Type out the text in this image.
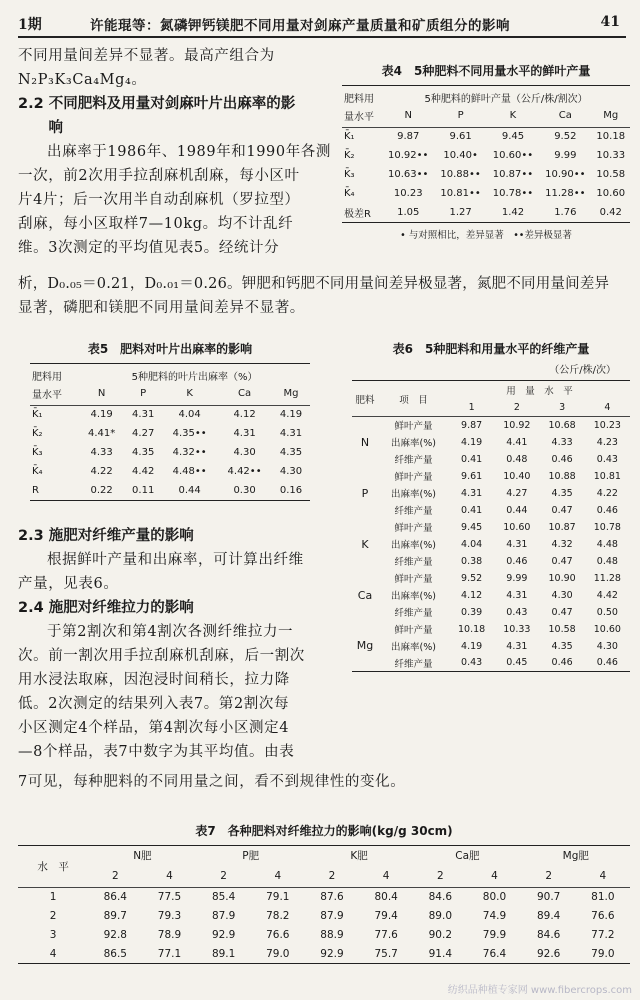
1期	许能琨等：氮磷钾钙镁肥不同用量对剑麻产量质量和矿质组分的影响	41

不同用量间差异不显著。最高产组合为

N₂P₃K₃Ca₄Mg₄。

2.2 不同肥料及用量对剑麻叶片出麻率的影

响

出麻率于1986年、1989年和1990年各测

一次，前2次用手拉刮麻机刮麻，每小区叶

片4片；后一次用半自动刮麻机（罗拉型）

刮麻，每小区取样7—10kg。均不计乱纤

维。3次测定的平均值见表5。经统计分

析，D₀.₀₅＝0.21，D₀.₀₁＝0.26。钾肥和钙肥不同用量间差异极显著，氮肥不同用量间差异

显著，磷肥和镁肥不同用量间差异不显著。

表4　5种肥料不同用量水平的鲜叶产量
肥料用	5种肥料的鲜叶产量（公斤/株/割次）				
量水平	N	P	K	Ca	Mg
K̄₁	9.87	9.61	9.45	9.52	10.18
K̄₂	10.92••	10.40•	10.60••	9.99	10.33
K̄₃	10.63••	10.88••	10.87••	10.90••	10.58
K̄₄	10.23	10.81••	10.78••	11.28••	10.60
极差R	1.05	1.27	1.42	1.76	0.42
• 与对照相比，差异显著　••差异极显著
表5　肥料对叶片出麻率的影响
肥料用	5种肥料的叶片出麻率（%）				
量水平	N	P	K	Ca	Mg
K̄₁	4.19	4.31	4.04	4.12	4.19
K̄₂	4.41*	4.27	4.35••	4.31	4.31
K̄₃	4.33	4.35	4.32••	4.30	4.35
K̄₄	4.22	4.42	4.48••	4.42••	4.30
R	0.22	0.11	0.44	0.30	0.16

2.3 施肥对纤维产量的影响

根据鲜叶产量和出麻率，可计算出纤维

产量，见表6。

2.4 施肥对纤维拉力的影响

于第2割次和第4割次各测纤维拉力一

次。前一割次用手拉刮麻机刮麻，后一割次

用水浸法取麻，因泡浸时间稍长，拉力降

低。2次测定的结果列入表7。第2割次每

小区测定4个样品，第4割次每小区测定4

—8个样品，表7中数字为其平均值。由表

7可见，每种肥料的不同用量之间，看不到规律性的变化。

表6　5种肥料和用量水平的纤维产量
（公斤/株/次）
肥料	项　目	用　量　水　平			
		1	2	3	4
N	鲜叶产量	9.87	10.92	10.68	10.23
	出麻率(%)	4.19	4.41	4.33	4.23
	纤维产量	0.41	0.48	0.46	0.43
P	鲜叶产量	9.61	10.40	10.88	10.81
	出麻率(%)	4.31	4.27	4.35	4.22
	纤维产量	0.41	0.44	0.47	0.46
K	鲜叶产量	9.45	10.60	10.87	10.78
	出麻率(%)	4.04	4.31	4.32	4.48
	纤维产量	0.38	0.46	0.47	0.48
Ca	鲜叶产量	9.52	9.99	10.90	11.28
	出麻率(%)	4.12	4.31	4.30	4.42
	纤维产量	0.39	0.43	0.47	0.50
Mg	鲜叶产量	10.18	10.33	10.58	10.60
	出麻率(%)	4.19	4.31	4.35	4.30
	纤维产量	0.43	0.45	0.46	0.46
表7　各种肥料对纤维拉力的影响(kg/g 30cm)
水　平	N肥		P肥		K肥		Ca肥		Mg肥	
	2	4	2	4	2	4	2	4	2	4
1	86.4	77.5	85.4	79.1	87.6	80.4	84.6	80.0	90.7	81.0
2	89.7	79.3	87.9	78.2	87.9	79.4	89.0	74.9	89.4	76.6
3	92.8	78.9	92.9	76.6	88.9	77.6	90.2	79.9	84.6	77.2
4	86.5	77.1	89.1	79.0	92.9	75.7	91.4	76.4	92.6	79.0
纺织品种植专家网 www.fibercrops.com
